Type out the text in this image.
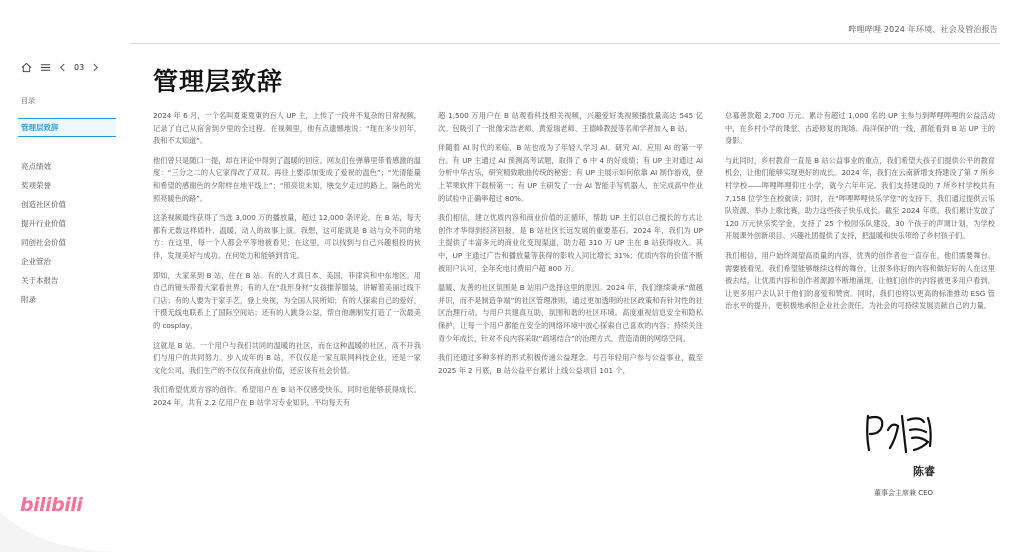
哔哩哔哩 2024 年环境、社会及管治报告
03
目录
管理层致辞
亮点绩效
奖项荣誉
创造社区价值
提升行业价值
同创社会价值
企业管治
关于本报告
附录
bilibili
管理层致辞

2024 年 6 月，一个名叫夏東夏東的百人 UP 主，上传了一段并不复杂的日常视频，记录了自己从宿舍到夕里的全过程。在视频里，他有点遗憾地说：“现在多少回年，我和不太知道”。

他们曾只是随口一提，却在评论中得到了温暖的回应。网友们在弹幕里带着感激的温度：“三分之二的人它家得改了双双。再往上要添加变成了爱祝的温色”；“光清能量和希望的感谢色的夕附样在地平线上”；“照亮说未知，映交夕走过的路上，隔色的光照亮暖色的路”。

这条视频最终获得了当选 3,000 万的播放量，超过 12,000 条评论。在 B 站，每天都有无数这样质朴、温暖、动人的故事上演。我想，这可能就是 B 站与众不同的地方：在这里，每一个人都会平等地被看见；在这里，可以找到与自己兴趣相投的伙伴，发现美好与成功。在何处力和能够到肯定。

即如，大家来到 B 站，住在 B 站。有的人才真日本、美国，菲律宾和中东地区。用自己的镜头带着大家看世界；有的人在“我形身材”女孩推荐服装，讲解着美丽过线下门店；有的人要为于家手艺，登上央视，为全国人民所知；有的人探索自己的爱好，于摄无线电联系上了国际空间站；还有的人跳身公益，帮自他潮制发打造了一次最美的 cosplay。

这就是 B 站。一个用户与我们共同的温暖的社区，而在这种温暖的社区，高不开我们与用户的共同努力。步入成年的 B 站，不仅仅是一家互联网科技企业，还是一家文化公司。我们生产的不仅仅有商业价值，还应该有社会价值。

我们希望优质方容的创作。希望用户在 B 站不仅感受快乐，同时也能够获得成长。2024 年，共有 2.2 亿用户在 B 站学习专业知识，平均每天有

超 1,500 万用户在 B 站观看科技相关视频，兴趣爱好类视频播放量高达 545 亿次。包吸引了一批像宋浩老师、黄爱瑞老师、王德峰教授等名师学者加入 B 站。

伴随着 AI 时代的来临，B 站也成为了年轻人学习 AI、研究 AI、应用 AI 的第一平台。有 UP 主通过 AI 预测高考试题，取得了 6 中 4 的好成绩；有 UP 主对通过 AI 分析中华古乐，研究精致歌曲传统的秘密；有 UP 主展示如何依靠 AI 制作游戏，登上苹果软件下载榜第一；有 UP 主研发了一台 AI 智能手写机器人，在完成高中作业的试验中正确率超过 80%。

我们相信，建立优质内容和商业价值的正循环，帮助 UP 主们以自己擅长的方式让创作才华得到经济回报，是 B 站社区长远发展的重要基石。2024 年，我们为 UP 主提供了丰富多元的商业化变现渠道，助力超 310 万 UP 主在 B 站获得收入。其中，UP 主通过广告和播放量等获得的影收入同比增长 31%；优质内容的价值不断被用户认可，全年充电付费用户超 800 万。

温暖、友善的社区氛围是 B 站用户选择这里的原因。2024 年，我们继续秉承“做越并识，而不是制造争端”的社区管理准则，通过更加透明的社区政策和有针对性的社区治理行动，与用户共建真互助、氛围和谐的社区环境。高度重视信息安全和隐私保护，让每一个用户都能在安全的网络环境中放心探索自己喜欢的内容；持续关注青少年成长，针对不良内容采取“疏堵结合”的治理方式，营造清朗的网络空间。

我们还通过多种多样的形式积极传递公益理念。号召年轻用户参与公益事业，截至 2025 年 2 月底，B 站公益平台累计上线公益项目 101 个，

总募善款超 2,700 万元。累计有超过 1,000 名的 UP 主参与到哔哩哔哩的公益活动中，在乡村小学的课堂、古迹修复的现场、海洋保护的一线，都能看到 B 站 UP 主的身影。

与此同时，乡村教育一直是 B 站公益事业的重点，我们希望大孩子们提供公平的教育机会，让他们能够实现更好的成长。2024 年，我们在云南新增支持建设了第 7 所乡村学校——哔哩哔哩仰庄小学，就今六年年完。我们支持建设的 7 所乡村学校共有 7,158 位学生在校就读；同时，在“哔哩哔哩快乐学堂”的支持下，我们通过提供云乐队资源、举办上歌比赛，助力这些孩子快乐成长。截至 2024 年底，我们累计发放了 120 万元快乐奖学金，支持了 25 个校园乐队建设，30 个孩子的声调计划，为学校开展课外创新项目、兴趣社团提供了支持，把温暖和快乐带给了乡村孩子们。

我们相信，用户始终渴望高质量的内容，优秀的创作者也一直存在，他们需要舞台、需要被看见。我们希望能够继续这样的舞台，让很多你好的内容和做好好的人在这里被去结，让优质内容和创作者源源不断地涌现，让他们创作的内容被更多用户看到，让更多用户去认识于他们的喜爱和赞赏。同时，我们也将以更高的标准推动 ESG 管治水平的提升，更积极地承担企业社会责任，为社会的可持续发展贡献自己的力量。

陈睿
董事会主席兼 CEO
